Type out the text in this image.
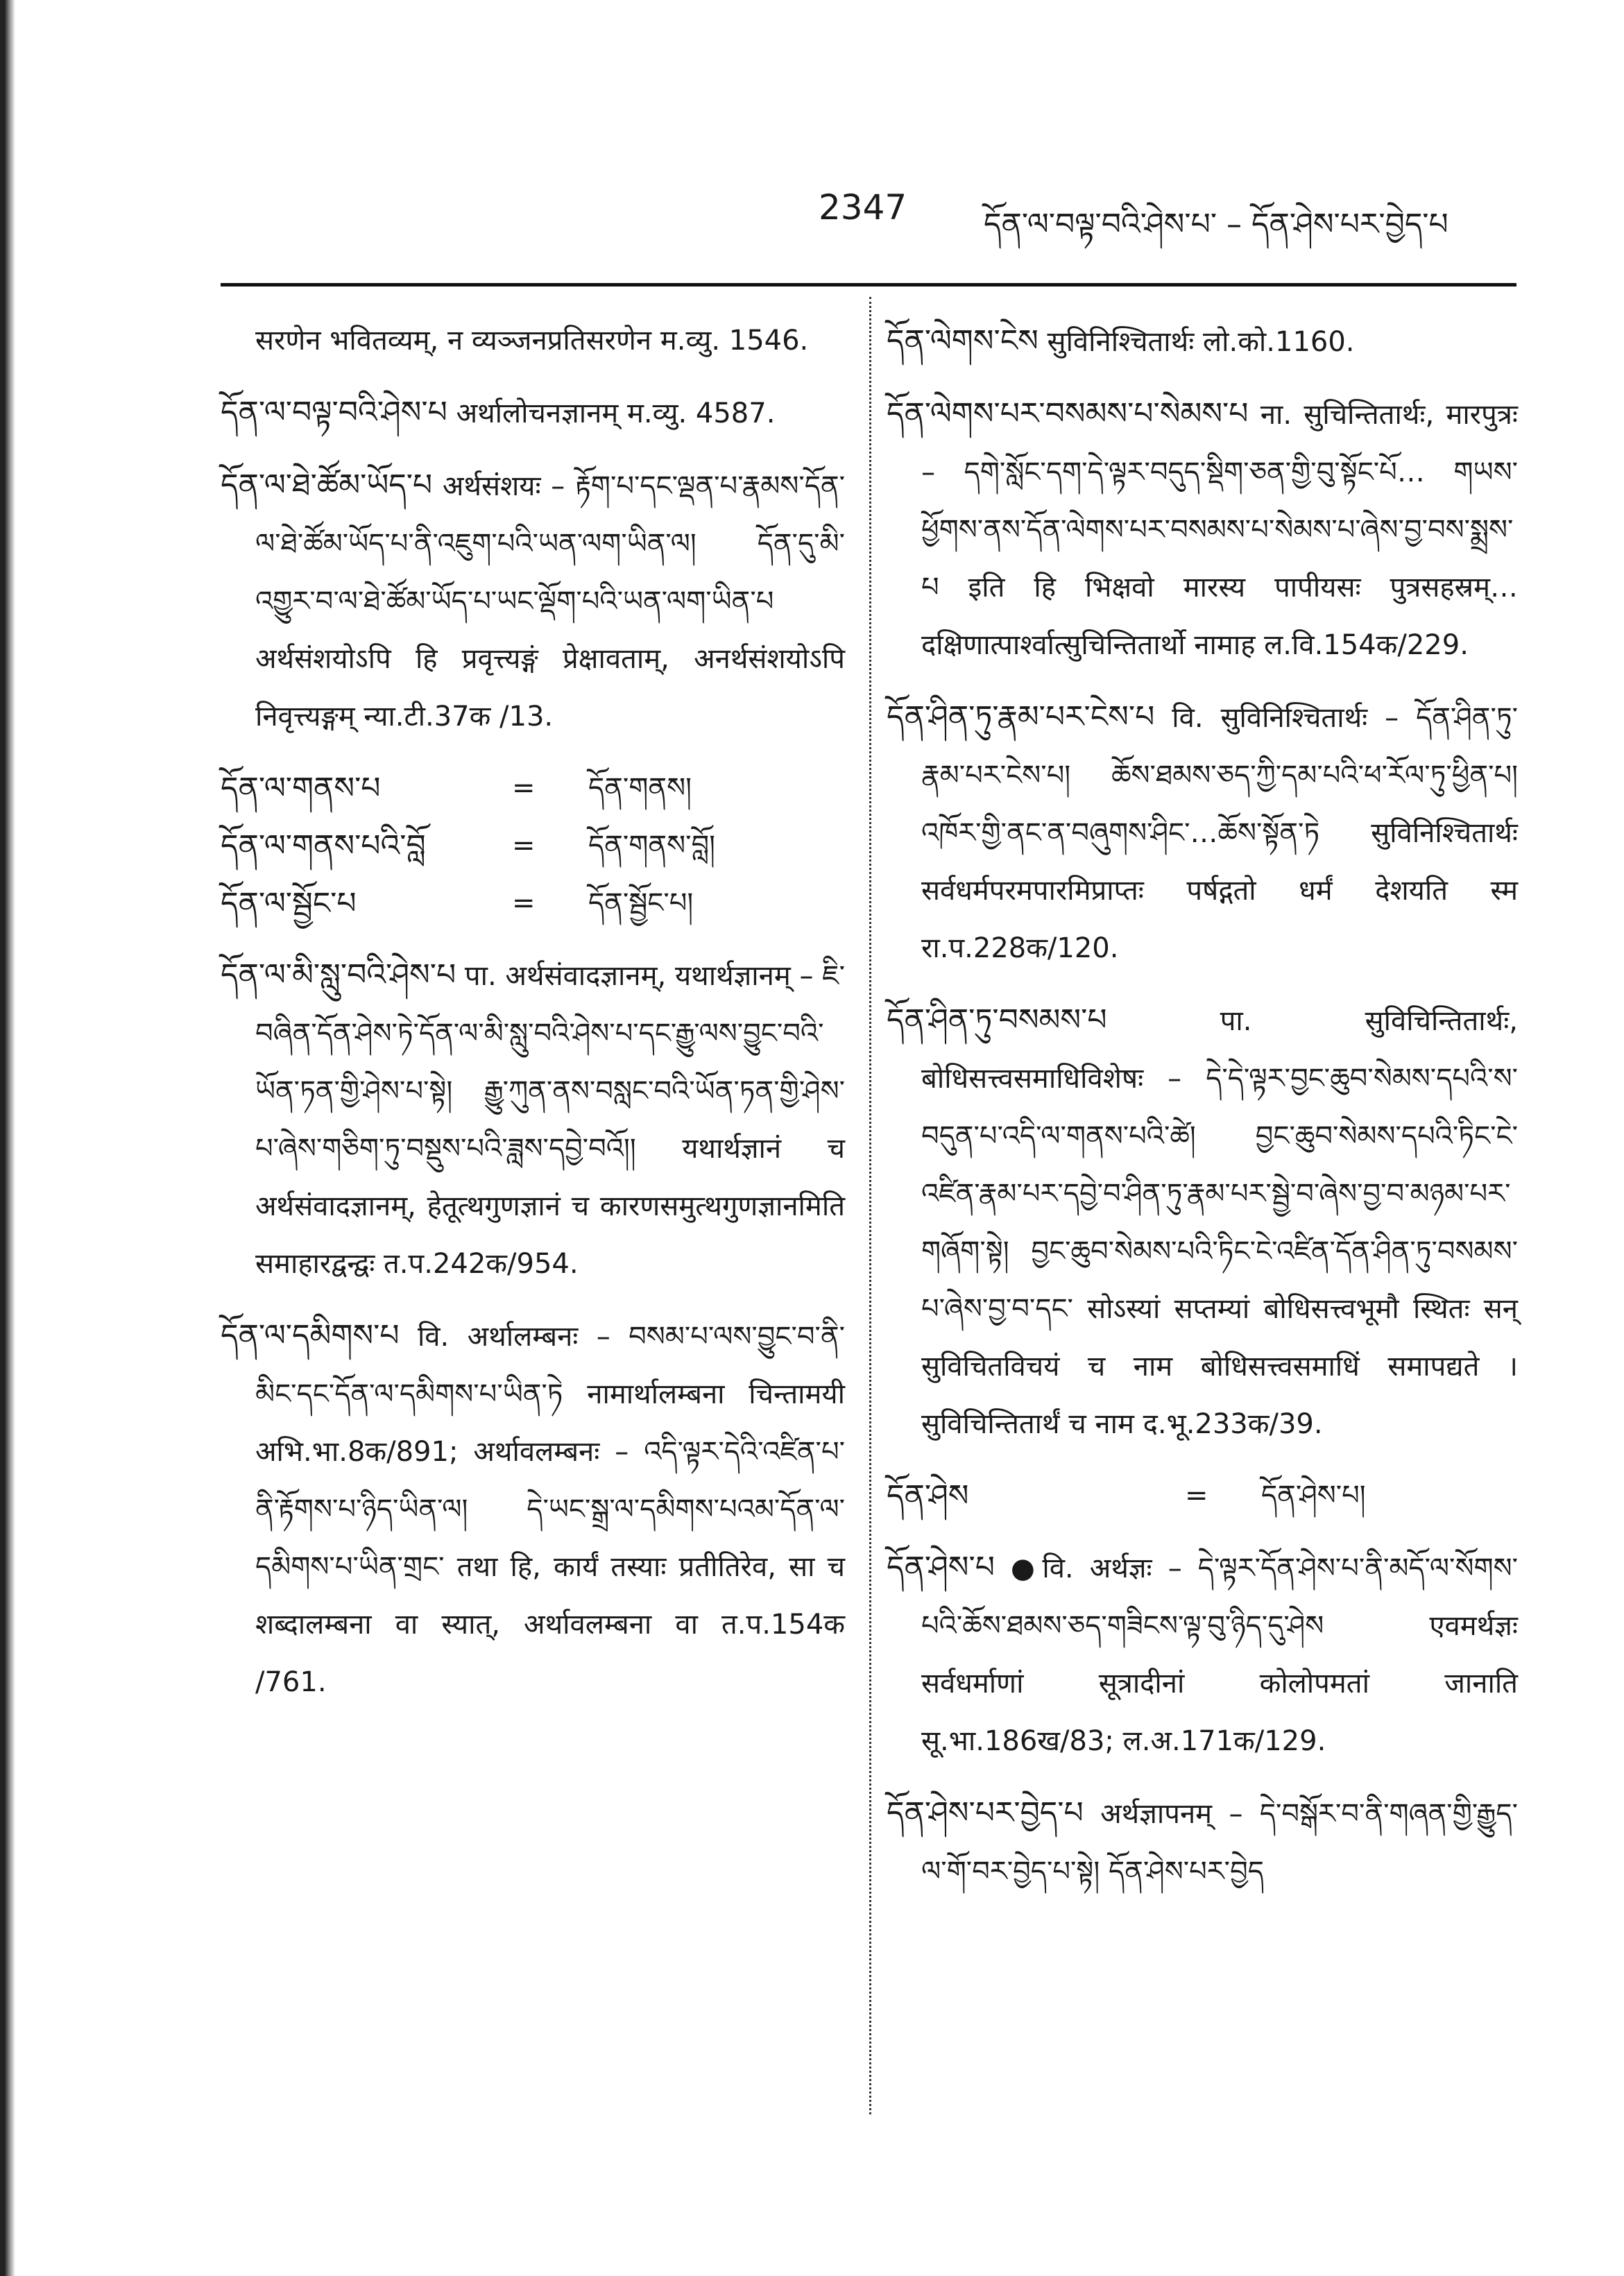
2347	དོན་ལ་བལྟ་བའི་ཤེས་པ་ – དོན་ཤེས་པར་བྱེད་པ

सरणेन भवितव्यम्, न व्यञ्जनप्रतिसरणेन म.व्यु. 1546.

དོན་ལ་བལྟ་བའི་ཤེས་པ अर्थालोचनज्ञानम् म.व्यु. 4587.

དོན་ལ་ཐེ་ཚོམ་ཡོད་པ अर्थसंशयः – རྟོག་པ་དང་ལྡན་པ་རྣམས་དོན་ལ་ཐེ་ཚོམ་ཡོད་པ་ནི་འཇུག་པའི་ཡན་ལག་ཡིན་ལ། དོན་དུ་མི་འགྱུར་བ་ལ་ཐེ་ཚོམ་ཡོད་པ་ཡང་ལྡོག་པའི་ཡན་ལག་ཡིན་པ अर्थसंशयोऽपि हि प्रवृत्त्यङ्गं प्रेक्षावताम्, अनर्थसंशयोऽपि निवृत्त्यङ्गम् न्या.टी.37क /13.

དོན་ལ་གནས་པ	=	དོན་གནས།
དོན་ལ་གནས་པའི་བློ	=	དོན་གནས་བློ།
དོན་ལ་སྦྱོང་པ	=	དོན་སྦྱོང་པ།

དོན་ལ་མི་སླུ་བའི་ཤེས་པ पा. अर्थसंवादज्ञानम्, यथार्थज्ञानम् – ཇི་བཞིན་དོན་ཤེས་ཏེ་དོན་ལ་མི་སླུ་བའི་ཤེས་པ་དང་རྒྱུ་ལས་བྱུང་བའི་ཡོན་ཏན་གྱི་ཤེས་པ་སྟེ། རྒྱུ་ཀུན་ནས་བསླང་བའི་ཡོན་ཏན་གྱི་ཤེས་པ་ཞེས་གཅིག་ཏུ་བསྡུས་པའི་ཟླས་དབྱེ་བའོ།། यथार्थज्ञानं च अर्थसंवादज्ञानम्, हेतूत्थगुणज्ञानं च कारणसमुत्थगुणज्ञानमिति समाहारद्वन्द्वः त.प.242क/954.

དོན་ལ་དམིགས་པ वि. अर्थालम्बनः – བསམ་པ་ལས་བྱུང་བ་ནི་མིང་དང་དོན་ལ་དམིགས་པ་ཡིན་ཏེ नामार्थालम्बना चिन्तामयी अभि.भा.8क/891; अर्थावलम्बनः – འདི་ལྟར་དེའི་འཛིན་པ་ནི་རྟོགས་པ་ཉིད་ཡིན་ལ། དེ་ཡང་སྒྲ་ལ་དམིགས་པའམ་དོན་ལ་དམིགས་པ་ཡིན་གྲང་ तथा हि, कार्यं तस्याः प्रतीतिरेव, सा च शब्दालम्बना वा स्यात्, अर्थावलम्बना वा त.प.154क /761.

དོན་ལེགས་ངེས सुविनिश्चितार्थः लो.को.1160.

དོན་ལེགས་པར་བསམས་པ་སེམས་པ ना. सुचिन्तितार्थः, मारपुत्रः – དགེ་སློང་དག་དེ་ལྟར་བདུད་སྡིག་ཅན་གྱི་བུ་སྟོང་པོ… གཡས་ཕྱོགས་ནས་དོན་ལེགས་པར་བསམས་པ་སེམས་པ་ཞེས་བྱ་བས་སྨྲས་པ इति हि भिक्षवो मारस्य पापीयसः पुत्रसहस्रम्…दक्षिणात्पार्श्वात्सुचिन्तितार्थो नामाह ल.वि.154क/229.

དོན་ཤིན་ཏུ་རྣམ་པར་ངེས་པ वि. सुविनिश्चितार्थः – དོན་ཤིན་ཏུ་རྣམ་པར་ངེས་པ། ཆོས་ཐམས་ཅད་ཀྱི་དམ་པའི་ཕ་རོལ་ཏུ་ཕྱིན་པ། འཁོར་གྱི་ནང་ན་བཞུགས་ཤིང་…ཆོས་སྟོན་ཏེ सुविनिश्चितार्थः सर्वधर्मपरमपारमिप्राप्तः पर्षद्गतो धर्मं देशयति स्म रा.प.228क/120.

དོན་ཤིན་ཏུ་བསམས་པ	पा. सुविचिन्तितार्थः, बोधिसत्त्वसमाधिविशेषः – དེ་དེ་ལྟར་བྱང་ཆུབ་སེམས་དཔའི་ས་བདུན་པ་འདི་ལ་གནས་པའི་ཚེ། བྱང་ཆུབ་སེམས་དཔའི་ཏིང་ངེ་འཛིན་རྣམ་པར་དབྱེ་བ་ཤིན་ཏུ་རྣམ་པར་སྦྱེ་བ་ཞེས་བྱ་བ་མཉམ་པར་གཞོག་སྟེ། བྱང་ཆུབ་སེམས་པའི་ཏིང་ངེ་འཛིན་དོན་ཤིན་ཏུ་བསམས་པ་ཞེས་བྱ་བ་དང་ सोऽस्यां सप्तम्यां बोधिसत्त्वभूमौ स्थितः सन् सुविचितविचयं च नाम बोधिसत्त्वसमाधिं समापद्यते । सुविचिन्तितार्थं च नाम द.भू.233क/39.

དོན་ཤེས	=	དོན་ཤེས་པ།

དོན་ཤེས་པ ●वि. अर्थज्ञः – དེ་ལྟར་དོན་ཤེས་པ་ནི་མདོ་ལ་སོགས་པའི་ཆོས་ཐམས་ཅད་གཟིངས་ལྟ་བུ་ཉིད་དུ་ཤེས एवमर्थज्ञः सर्वधर्माणां सूत्रादीनां कोलोपमतां जानाति सू.भा.186ख/83; ल.अ.171क/129.

དོན་ཤེས་པར་བྱེད་པ अर्थज्ञापनम् – དེ་བསྒོར་བ་ནི་གཞན་གྱི་རྒྱུད་ལ་གོ་བར་བྱེད་པ་སྟེ། དོན་ཤེས་པར་བྱེད
